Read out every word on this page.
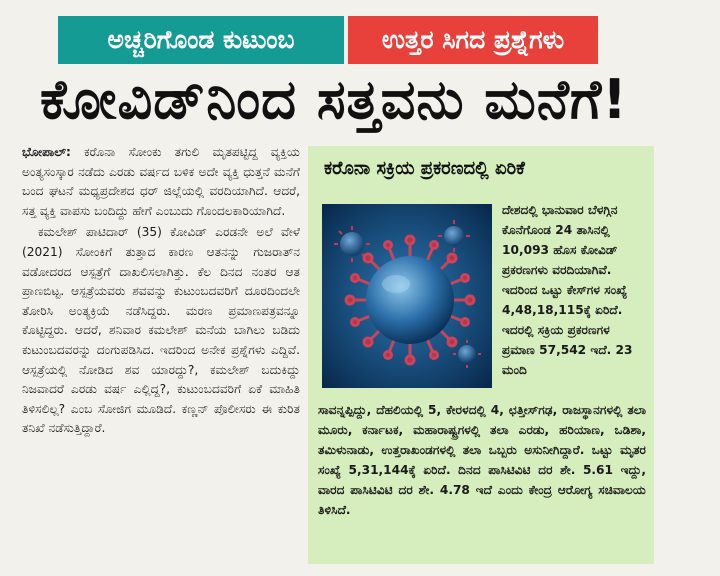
ಅಚ್ಚರಿಗೊಂಡ ಕುಟುಂಬ	ಉತ್ತರ ಸಿಗದ ಪ್ರಶ್ನೆಗಳು
ಕೋವಿಡ್‌ನಿಂದ ಸತ್ತವನು ಮನೆಗೆ!

ಭೋಪಾಲ್: ಕರೊನಾ ಸೋಂಕು ತಗುಲಿ ಮೃತಪಟ್ಟಿದ್ದ ವ್ಯಕ್ತಿಯ ಅಂತ್ಯಸಂಸ್ಕಾರ ನಡೆದು ಎರಡು ವರ್ಷದ ಬಳಿಕ ಅದೇ ವ್ಯಕ್ತಿ ಧುತ್ತನೆ ಮನೆಗೆ ಬಂದ ಘಟನೆ ಮಧ್ಯಪ್ರದೇಶದ ಧರ್ ಜಿಲ್ಲೆಯಲ್ಲಿ ವರದಿಯಾಗಿದೆ. ಆದರೆ, ಸತ್ತ ವ್ಯಕ್ತಿ ವಾಪಸು ಬಂದಿದ್ದು ಹೇಗೆ ಎಂಬುದು ಗೊಂದಲಕಾರಿಯಾಗಿದೆ.

ಕಮಲೇಶ್ ಪಾಟಿದಾರ್ (35) ಕೋವಿಡ್ ಎರಡನೇ ಅಲೆ ವೇಳೆ (2021) ಸೋಂಕಿಗೆ ತುತ್ತಾದ ಕಾರಣ ಆತನನ್ನು ಗುಜರಾತ್‌ನ ವಡೋದರದ ಆಸ್ಪತ್ರೆಗೆ ದಾಖಲಿಸಲಾಗಿತ್ತು. ಕೆಲ ದಿನದ ನಂತರ ಆತ ಪ್ರಾಣಬಿಟ್ಟ. ಆಸ್ಪತ್ರೆಯವರು ಶವವನ್ನು ಕುಟುಂಬದವರಿಗೆ ದೂರದಿಂದಲೇ ತೋರಿಸಿ ಅಂತ್ಯಕ್ರಿಯೆ ನಡೆಸಿದ್ದರು. ಮರಣ ಪ್ರಮಾಣಪತ್ರವನ್ನೂ ಕೊಟ್ಟಿದ್ದರು. ಆದರೆ, ಶನಿವಾರ ಕಮಲೇಶ್ ಮನೆಯ ಬಾಗಿಲು ಬಡಿದು ಕುಟುಂಬದವರನ್ನು ದಂಗುಪಡಿಸಿದ. ಇದರಿಂದ ಅನೇಕ ಪ್ರಶ್ನೆಗಳು ಎದ್ದಿವೆ. ಆಸ್ಪತ್ರೆಯಲ್ಲಿ ನೋಡಿದ ಶವ ಯಾರದ್ದು?, ಕಮಲೇಶ್ ಬದುಕಿದ್ದು ನಿಜವಾದರೆ ಎರಡು ವರ್ಷ ಎಲ್ಲಿದ್ದ?, ಕುಟುಂಬದವರಿಗೆ ಏಕೆ ಮಾಹಿತಿ ತಿಳಿಸಲಿಲ್ಲ? ಎಂಬ ಸೋಜಿಗ ಮೂಡಿದೆ. ಕಣ್ಣನ್ ಪೊಲೀಸರು ಈ ಕುರಿತ ತನಿಖೆ ನಡೆಸುತ್ತಿದ್ದಾರೆ.

ಕರೊನಾ ಸಕ್ರಿಯ ಪ್ರಕರಣದಲ್ಲಿ ಏರಿಕೆ
ದೇಶದಲ್ಲಿ ಭಾನುವಾರ ಬೆಳಗ್ಗಿನ ಕೊನೆಗೊಂಡ 24 ತಾಸಿನಲ್ಲಿ 10,093 ಹೊಸ ಕೋವಿಡ್ ಪ್ರಕರಣಗಳು ವರದಿಯಾಗಿವೆ. ಇದರಿಂದ ಒಟ್ಟು ಕೇಸ್‌ಗಳ ಸಂಖ್ಯೆ 4,48,18,115ಕ್ಕೆ ಏರಿದೆ. ಇದರಲ್ಲಿ ಸಕ್ರಿಯ ಪ್ರಕರಣಗಳ ಪ್ರಮಾಣ 57,542 ಇದೆ. 23 ಮಂದಿ
ಸಾವನ್ನಪ್ಪಿದ್ದು, ದೆಹಲಿಯಲ್ಲಿ 5, ಕೇರಳದಲ್ಲಿ 4, ಛತ್ತೀಸ್‌ಗಢ, ರಾಜಸ್ಥಾನಗಳಲ್ಲಿ ತಲಾ ಮೂರು, ಕರ್ನಾಟಕ, ಮಹಾರಾಷ್ಟ್ರಗಳಲ್ಲಿ ತಲಾ ಎರಡು, ಹರಿಯಾಣ, ಒಡಿಶಾ, ತಮಿಳುನಾಡು, ಉತ್ತರಾಖಂಡಗಳಲ್ಲಿ ತಲಾ ಒಬ್ಬರು ಅಸುನೀಗಿದ್ದಾರೆ. ಒಟ್ಟು ಮೃತರ ಸಂಖ್ಯೆ 5,31,144ಕ್ಕೆ ಏರಿದೆ. ದಿನದ ಪಾಸಿಟಿವಿಟಿ ದರ ಶೇ. 5.61 ಇದ್ದು, ವಾರದ ಪಾಸಿಟಿವಿಟಿ ದರ ಶೇ. 4.78 ಇದೆ ಎಂದು ಕೇಂದ್ರ ಆರೋಗ್ಯ ಸಚಿವಾಲಯ ತಿಳಿಸಿದೆ.
